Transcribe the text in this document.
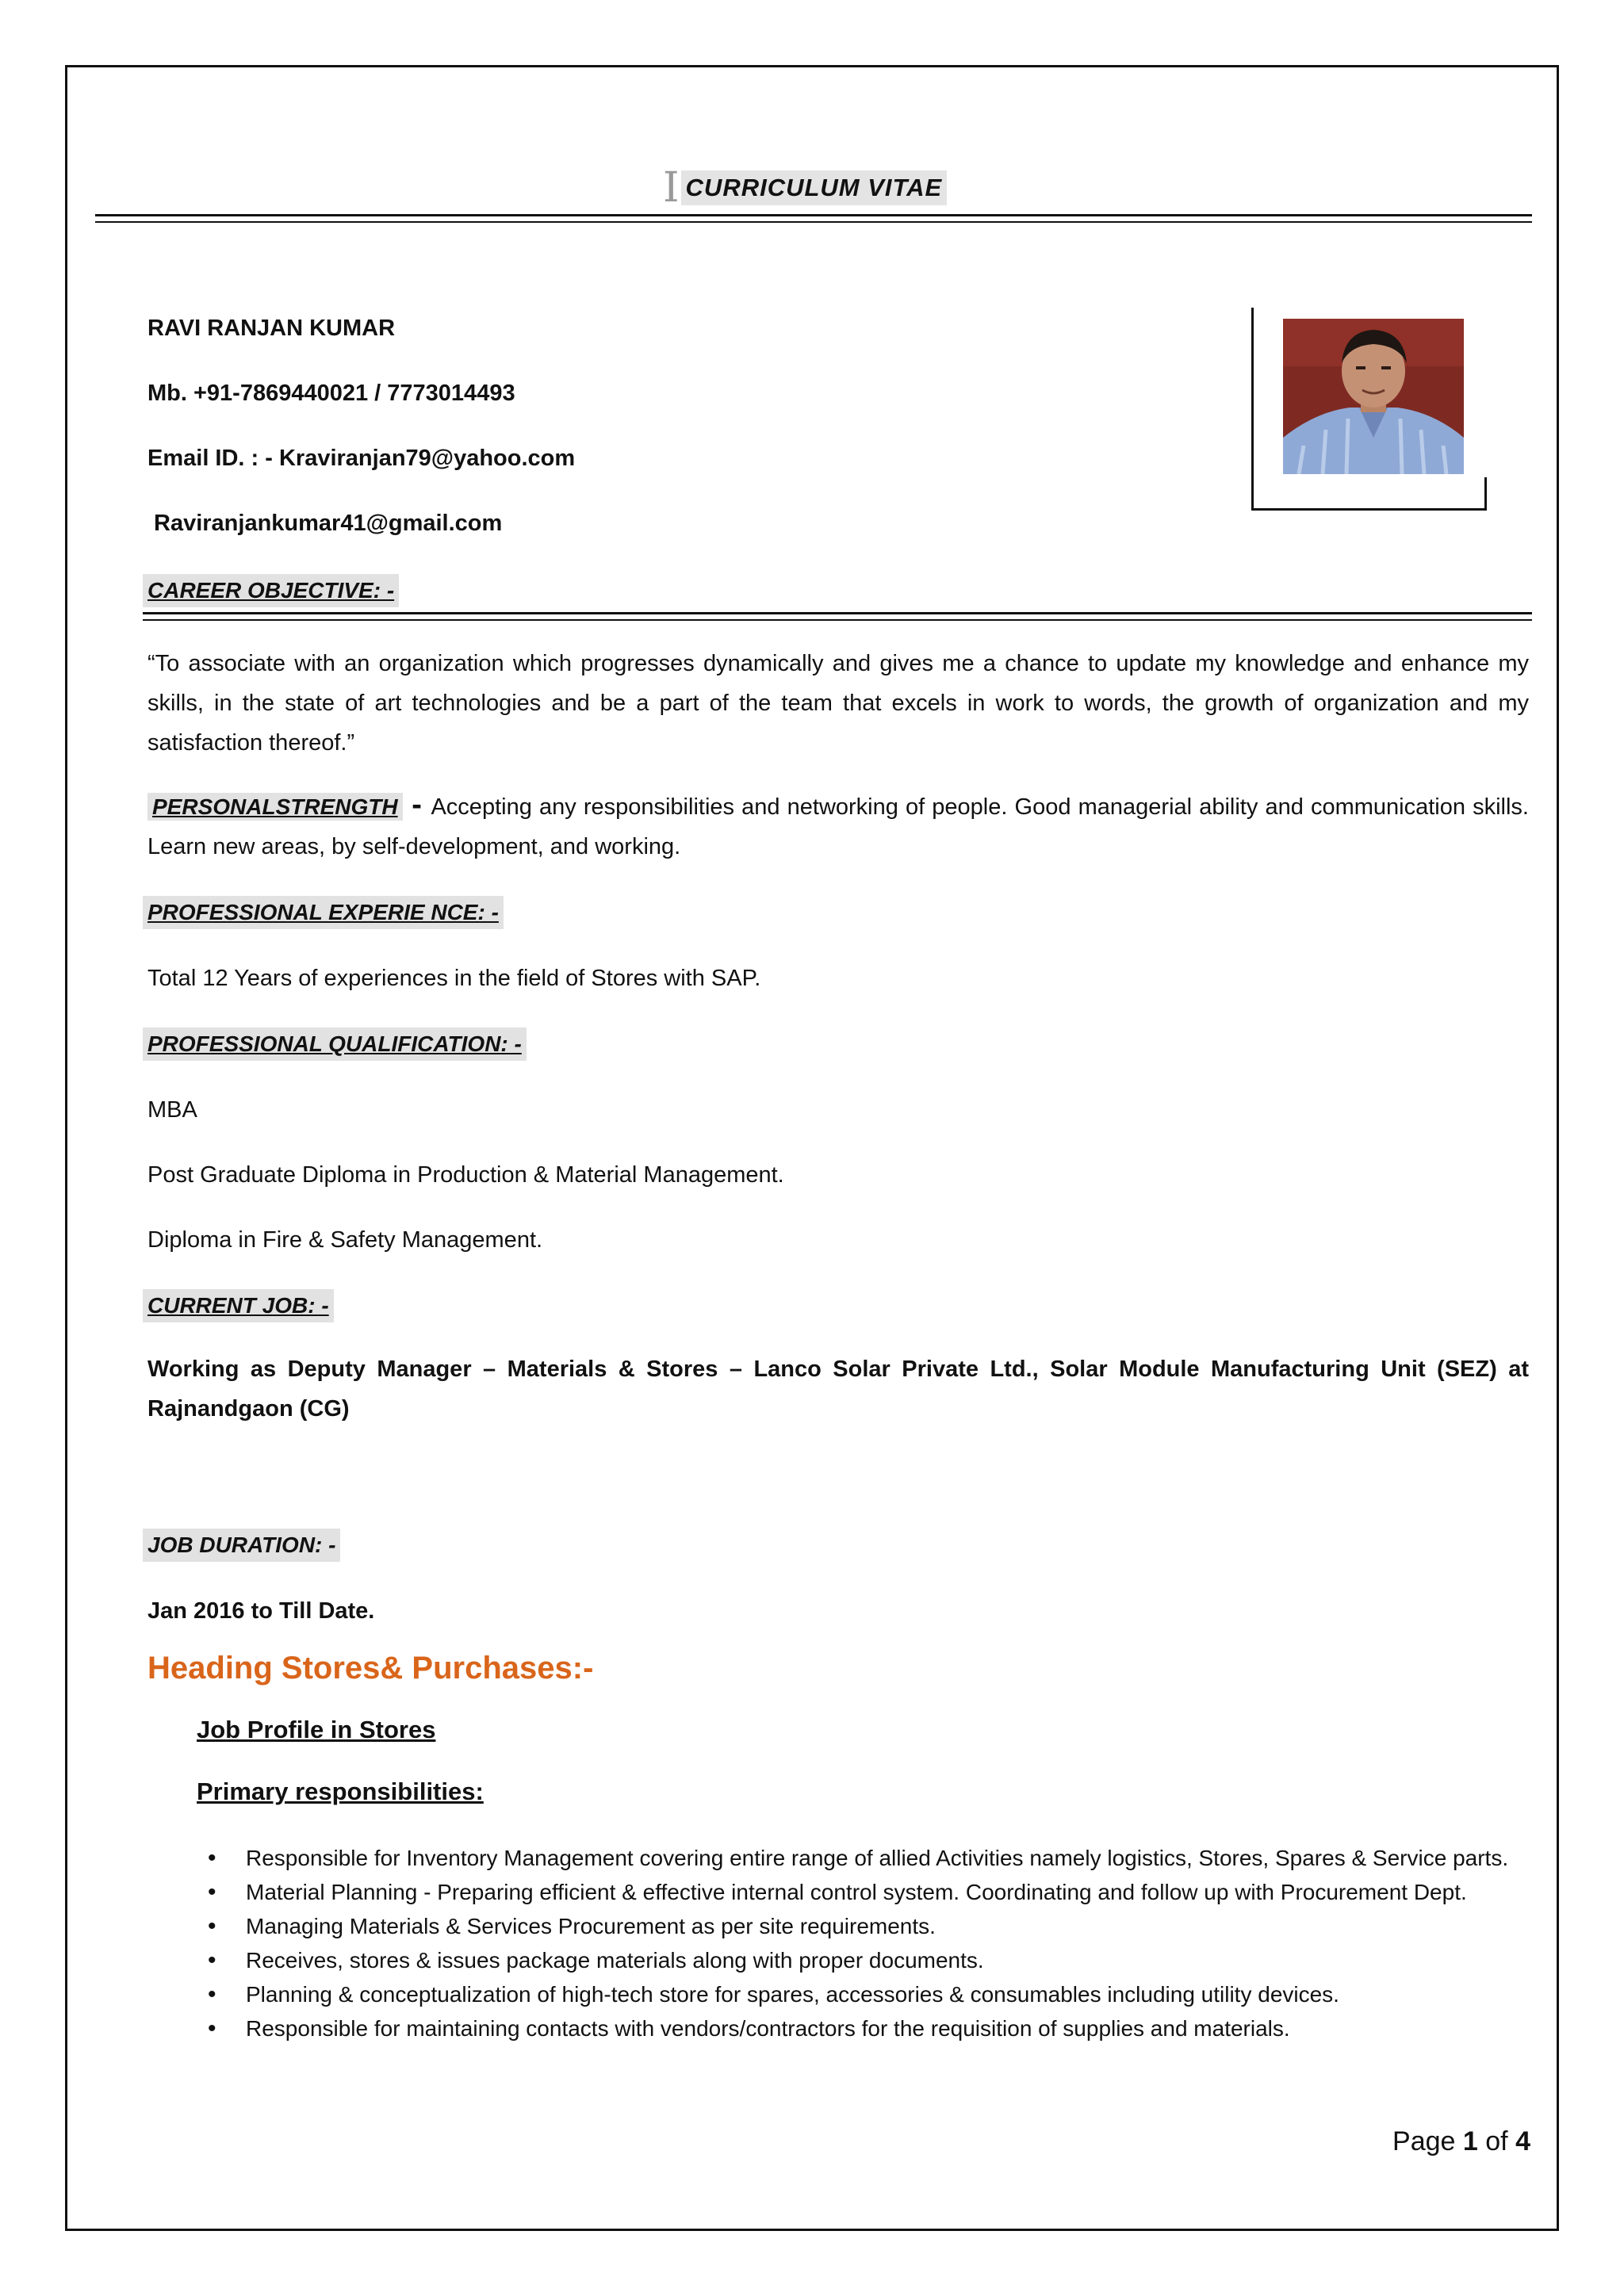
I CURRICULUM VITAE
RAVI RANJAN KUMAR
Mb. +91-7869440021 / 7773014493
Email ID. : - Kraviranjan79@yahoo.com
Raviranjankumar41@gmail.com
CAREER OBJECTIVE: -
“To associate with an organization which progresses dynamically and gives me a chance to update my knowledge and enhance my skills, in the state of art technologies and be a part of the team that excels in work to words, the growth of organization and my satisfaction thereof.”
PERSONALSTRENGTH - Accepting any responsibilities and networking of people. Good managerial ability and communication skills. Learn new areas, by self-development, and working.
PROFESSIONAL EXPERIE NCE: -
Total 12 Years of experiences in the field of Stores with SAP.
PROFESSIONAL QUALIFICATION: -
MBA
Post Graduate Diploma in Production & Material Management.
Diploma in Fire & Safety Management.
CURRENT JOB: -
Working as Deputy Manager – Materials & Stores – Lanco Solar Private Ltd., Solar Module Manufacturing Unit (SEZ) at Rajnandgaon (CG)
JOB DURATION: -
Jan 2016 to Till Date.
Heading Stores& Purchases:-
Job Profile in Stores
Primary responsibilities:
• Responsible for Inventory Management covering entire range of allied Activities namely logistics, Stores, Spares & Service parts.
• Material Planning - Preparing efficient & effective internal control system. Coordinating and follow up with Procurement Dept.
• Managing Materials & Services Procurement as per site requirements.
• Receives, stores & issues package materials along with proper documents.
• Planning & conceptualization of high-tech store for spares, accessories & consumables including utility devices.
• Responsible for maintaining contacts with vendors/contractors for the requisition of supplies and materials.
Page 1 of 4
